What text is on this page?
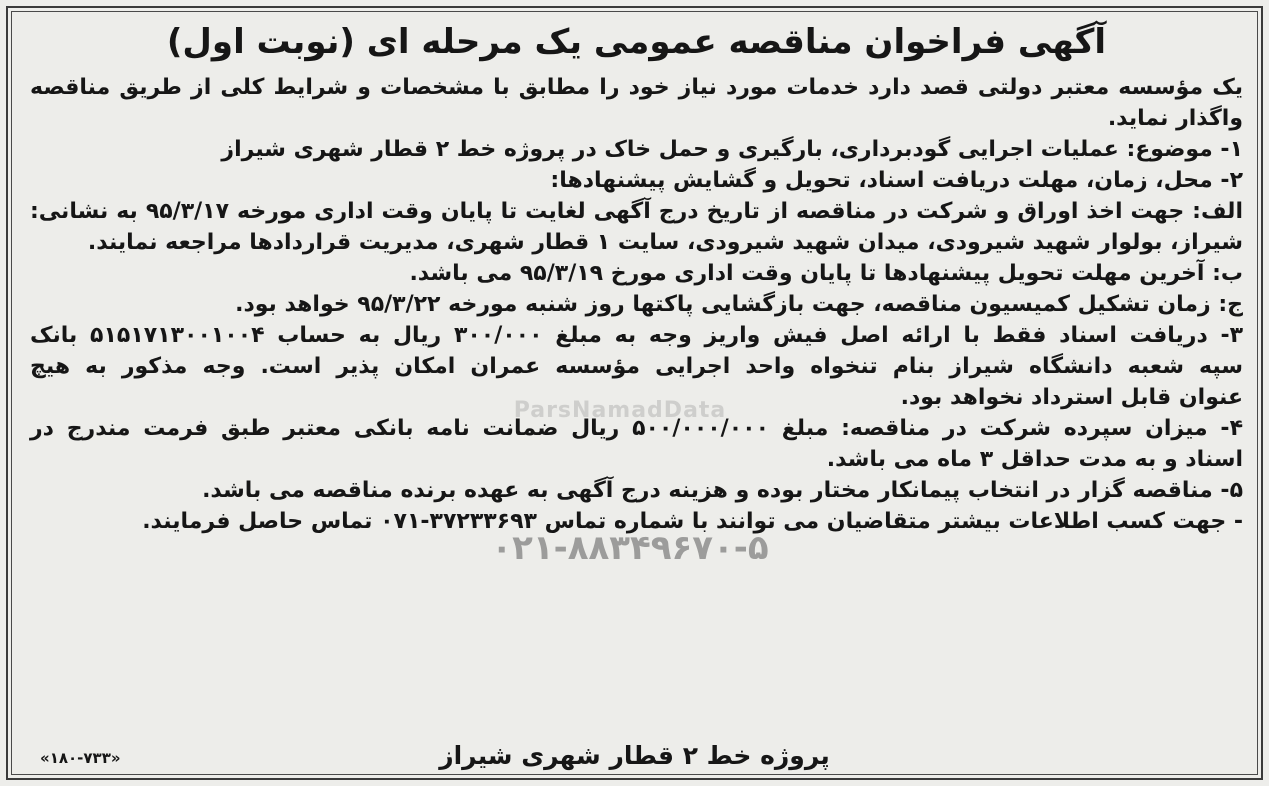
ParsNamadData
۰۲۱-۸۸۳۴۹۶۷۰-۵
آگهی فراخوان مناقصه عمومی یک مرحله ای (نوبت اول)

یک مؤسسه معتبر دولتی قصد دارد خدمات مورد نیاز خود را مطابق با مشخصات و شرایط کلی از طریق مناقصه

واگذار نماید.

۱- موضوع: عملیات اجرایی گودبرداری، بارگیری و حمل خاک در پروژه خط ۲ قطار شهری شیراز

۲- محل، زمان، مهلت دریافت اسناد، تحویل و گشایش پیشنهادها:

الف: جهت اخذ اوراق و شرکت در مناقصه از تاریخ درج آگهی لغایت تا پایان وقت اداری مورخه ۹۵/۳/۱۷ به نشانی:

شیراز، بولوار شهید شیرودی، میدان شهید شیرودی، سایت ۱ قطار شهری، مدیریت قراردادها مراجعه نمایند.

ب: آخرین مهلت تحویل پیشنهادها تا پایان وقت اداری مورخ ۹۵/۳/۱۹ می باشد.

ج: زمان تشکیل کمیسیون مناقصه، جهت بازگشایی پاکتها روز شنبه مورخه ۹۵/۳/۲۲ خواهد بود.

۳- دریافت اسناد فقط با ارائه اصل فیش واریز وجه به مبلغ ۳۰۰/۰۰۰ ریال به حساب ۵۱۵۱۷۱۳۰۰۱۰۰۴ بانک

سپه شعبه دانشگاه شیراز بنام تنخواه واحد اجرایی مؤسسه عمران امکان پذیر است. وجه مذکور به هیچ

عنوان قابل استرداد نخواهد بود.

۴- میزان سپرده شرکت در مناقصه: مبلغ ۵۰۰/۰۰۰/۰۰۰ ریال ضمانت نامه بانکی معتبر طبق فرمت مندرج در

اسناد و به مدت حداقل ۳ ماه می باشد.

۵- مناقصه گزار در انتخاب پیمانکار مختار بوده و هزینه درج آگهی به عهده برنده مناقصه می باشد.

- جهت کسب اطلاعات بیشتر متقاضیان می توانند با شماره تماس ۳۷۲۳۳۶۹۳-۰۷۱ تماس حاصل فرمایند.

پروژه خط ۲ قطار شهری شیراز
«۱۸۰-۷۳۳»
